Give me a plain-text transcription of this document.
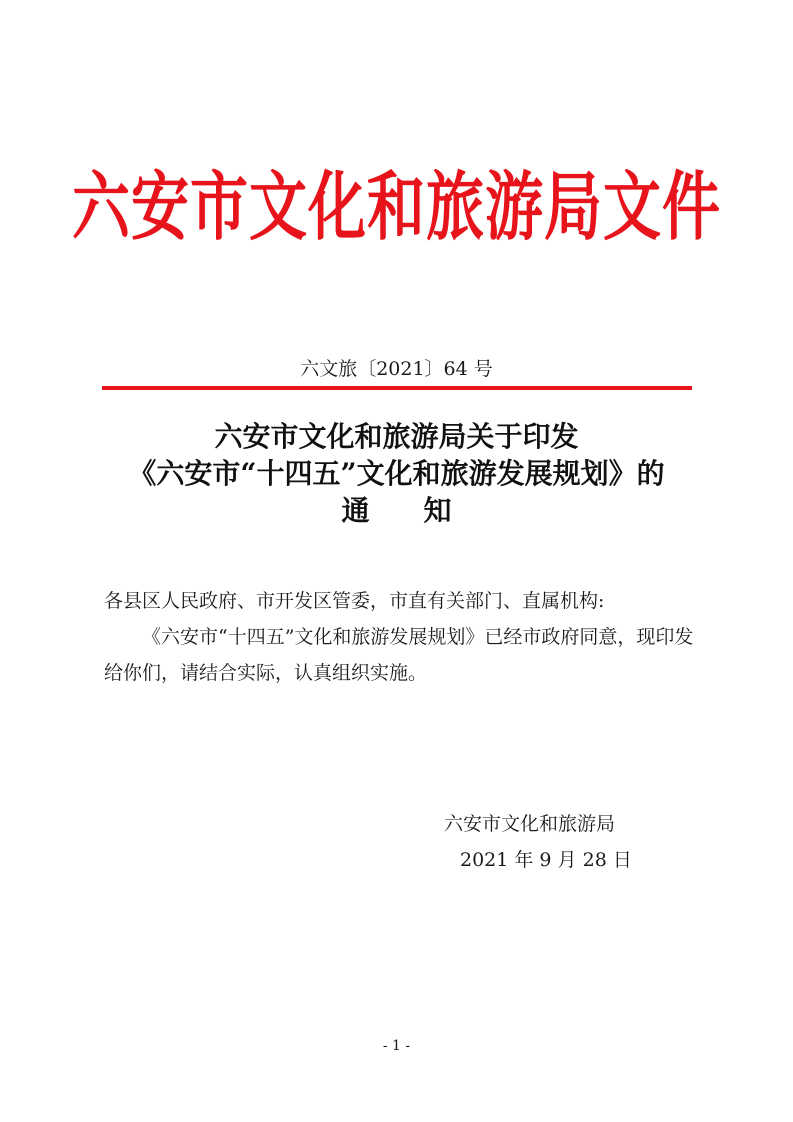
六安市文化和旅游局文件
六文旅〔2021〕64 号
六安市文化和旅游局关于印发
《六安市“十四五”文化和旅游发展规划》的
通知
各县区人民政府、市开发区管委，市直有关部门、直属机构:
《六安市“十四五”文化和旅游发展规划》已经市政府同意，现印发给你们，请结合实际，认真组织实施。
六安市文化和旅游局
2021 年 9 月 28 日
- 1 -
